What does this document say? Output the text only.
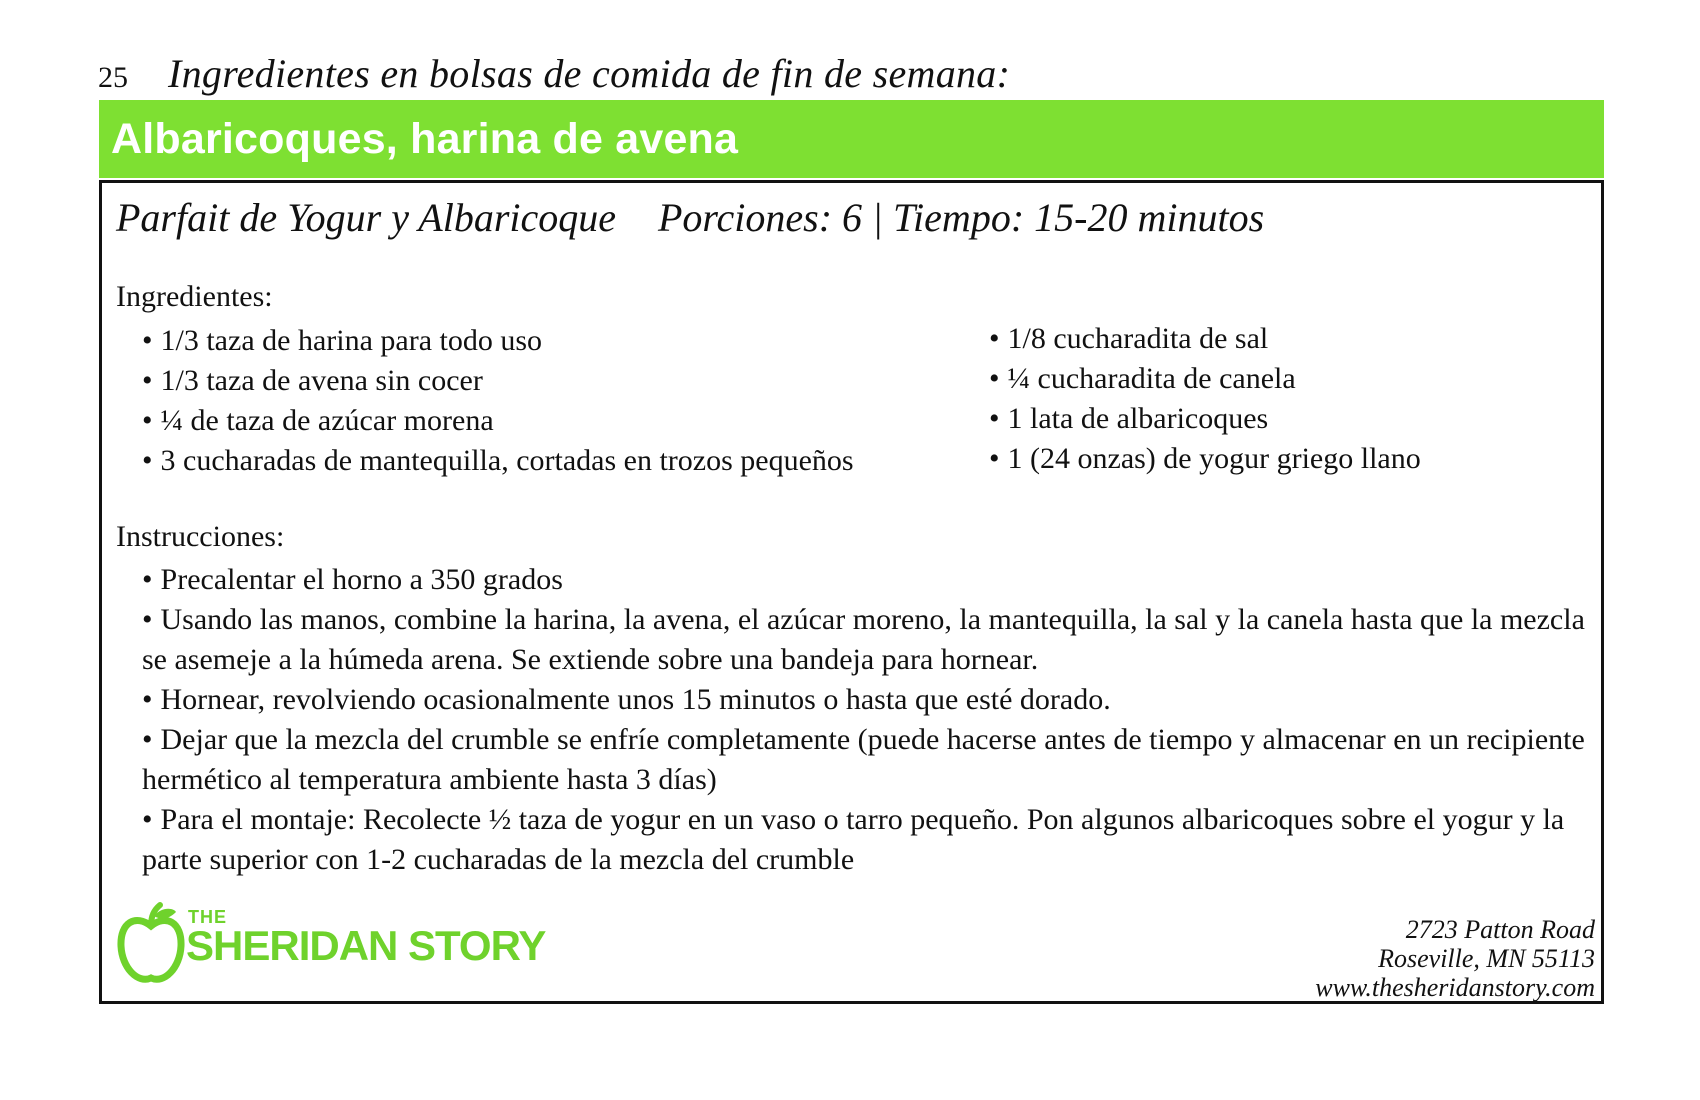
25	Ingredientes en bolsas de comida de fin de semana:
Albaricoques, harina de avena
Parfait de Yogur y Albaricoque Porciones: 6 | Tiempo: 15-20 minutos
Ingredientes:
• 1/3 taza de harina para todo uso
• 1/3 taza de avena sin cocer
• ¼ de taza de azúcar morena
• 3 cucharadas de mantequilla, cortadas en trozos pequeños
• 1/8 cucharadita de sal
• ¼ cucharadita de canela
• 1 lata de albaricoques
• 1 (24 onzas) de yogur griego llano
Instrucciones:
• Precalentar el horno a 350 grados
• Usando las manos, combine la harina, la avena, el azúcar moreno, la mantequilla, la sal y la canela hasta que la mezcla se asemeje a la húmeda arena. Se extiende sobre una bandeja para hornear.
• Hornear, revolviendo ocasionalmente unos 15 minutos o hasta que esté dorado.
• Dejar que la mezcla del crumble se enfríe completamente (puede hacerse antes de tiempo y almacenar en un recipiente hermético al temperatura ambiente hasta 3 días)
• Para el montaje: Recolecte ½ taza de yogur en un vaso o tarro pequeño. Pon algunos albaricoques sobre el yogur y la parte superior con 1-2 cucharadas de la mezcla del crumble
THE
SHERIDAN STORY	2723 Patton Road
Roseville, MN 55113
www.thesheridanstory.com
